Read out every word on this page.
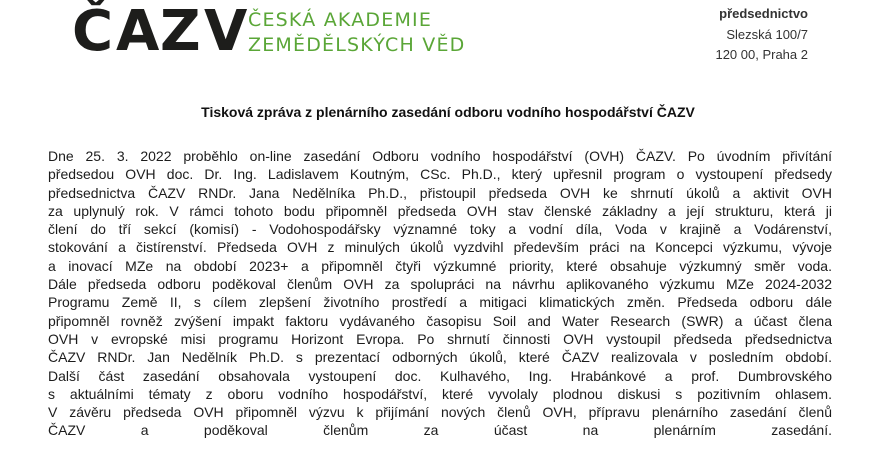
Č A Z V ČESKÁ AKADEMIE
ZEMĚDĚLSKÝCH VĚD
předsednictvo
Slezská 100/7
120 00, Praha 2
Tisková zpráva z plenárního zasedání odboru vodního hospodářství ČAZV
Dne 25. 3. 2022 proběhlo on-line zasedání Odboru vodního hospodářství (OVH) ČAZV. Po úvodním přivítání
předsedou OVH doc. Dr. Ing. Ladislavem Koutným, CSc. Ph.D., který upřesnil program o vystoupení předsedy
předsednictva ČAZV RNDr. Jana Nedělníka Ph.D., přistoupil předseda OVH ke shrnutí úkolů a aktivit OVH
za uplynulý rok. V rámci tohoto bodu připomněl předseda OVH stav členské základny a její strukturu, která ji
člení do tří sekcí (komisí) - Vodohospodářsky významné toky a vodní díla, Voda v krajině a Vodárenství,
stokování a čistírenství. Předseda OVH z minulých úkolů vyzdvihl především práci na Koncepci výzkumu, vývoje
a inovací MZe na období 2023+ a připomněl čtyři výzkumné priority, které obsahuje výzkumný směr voda.
Dále předseda odboru poděkoval členům OVH za spolupráci na návrhu aplikovaného výzkumu MZe 2024-2032
Programu Země II, s cílem zlepšení životního prostředí a mitigaci klimatických změn. Předseda odboru dále
připomněl rovněž zvýšení impakt faktoru vydávaného časopisu Soil and Water Research (SWR) a účast člena
OVH v evropské misi programu Horizont Evropa. Po shrnutí činnosti OVH vystoupil předseda předsednictva
ČAZV RNDr. Jan Nedělník Ph.D. s prezentací odborných úkolů, které ČAZV realizovala v posledním období.
Další část zasedání obsahovala vystoupení doc. Kulhavého, Ing. Hrabánkové a prof. Dumbrovského
s aktuálními tématy z oboru vodního hospodářství, které vyvolaly plodnou diskusi s pozitivním ohlasem.
V závěru předseda OVH připomněl výzvu k přijímání nových členů OVH, přípravu plenárního zasedání členů
ČAZV a poděkoval členům za účast na plenárním zasedání.
